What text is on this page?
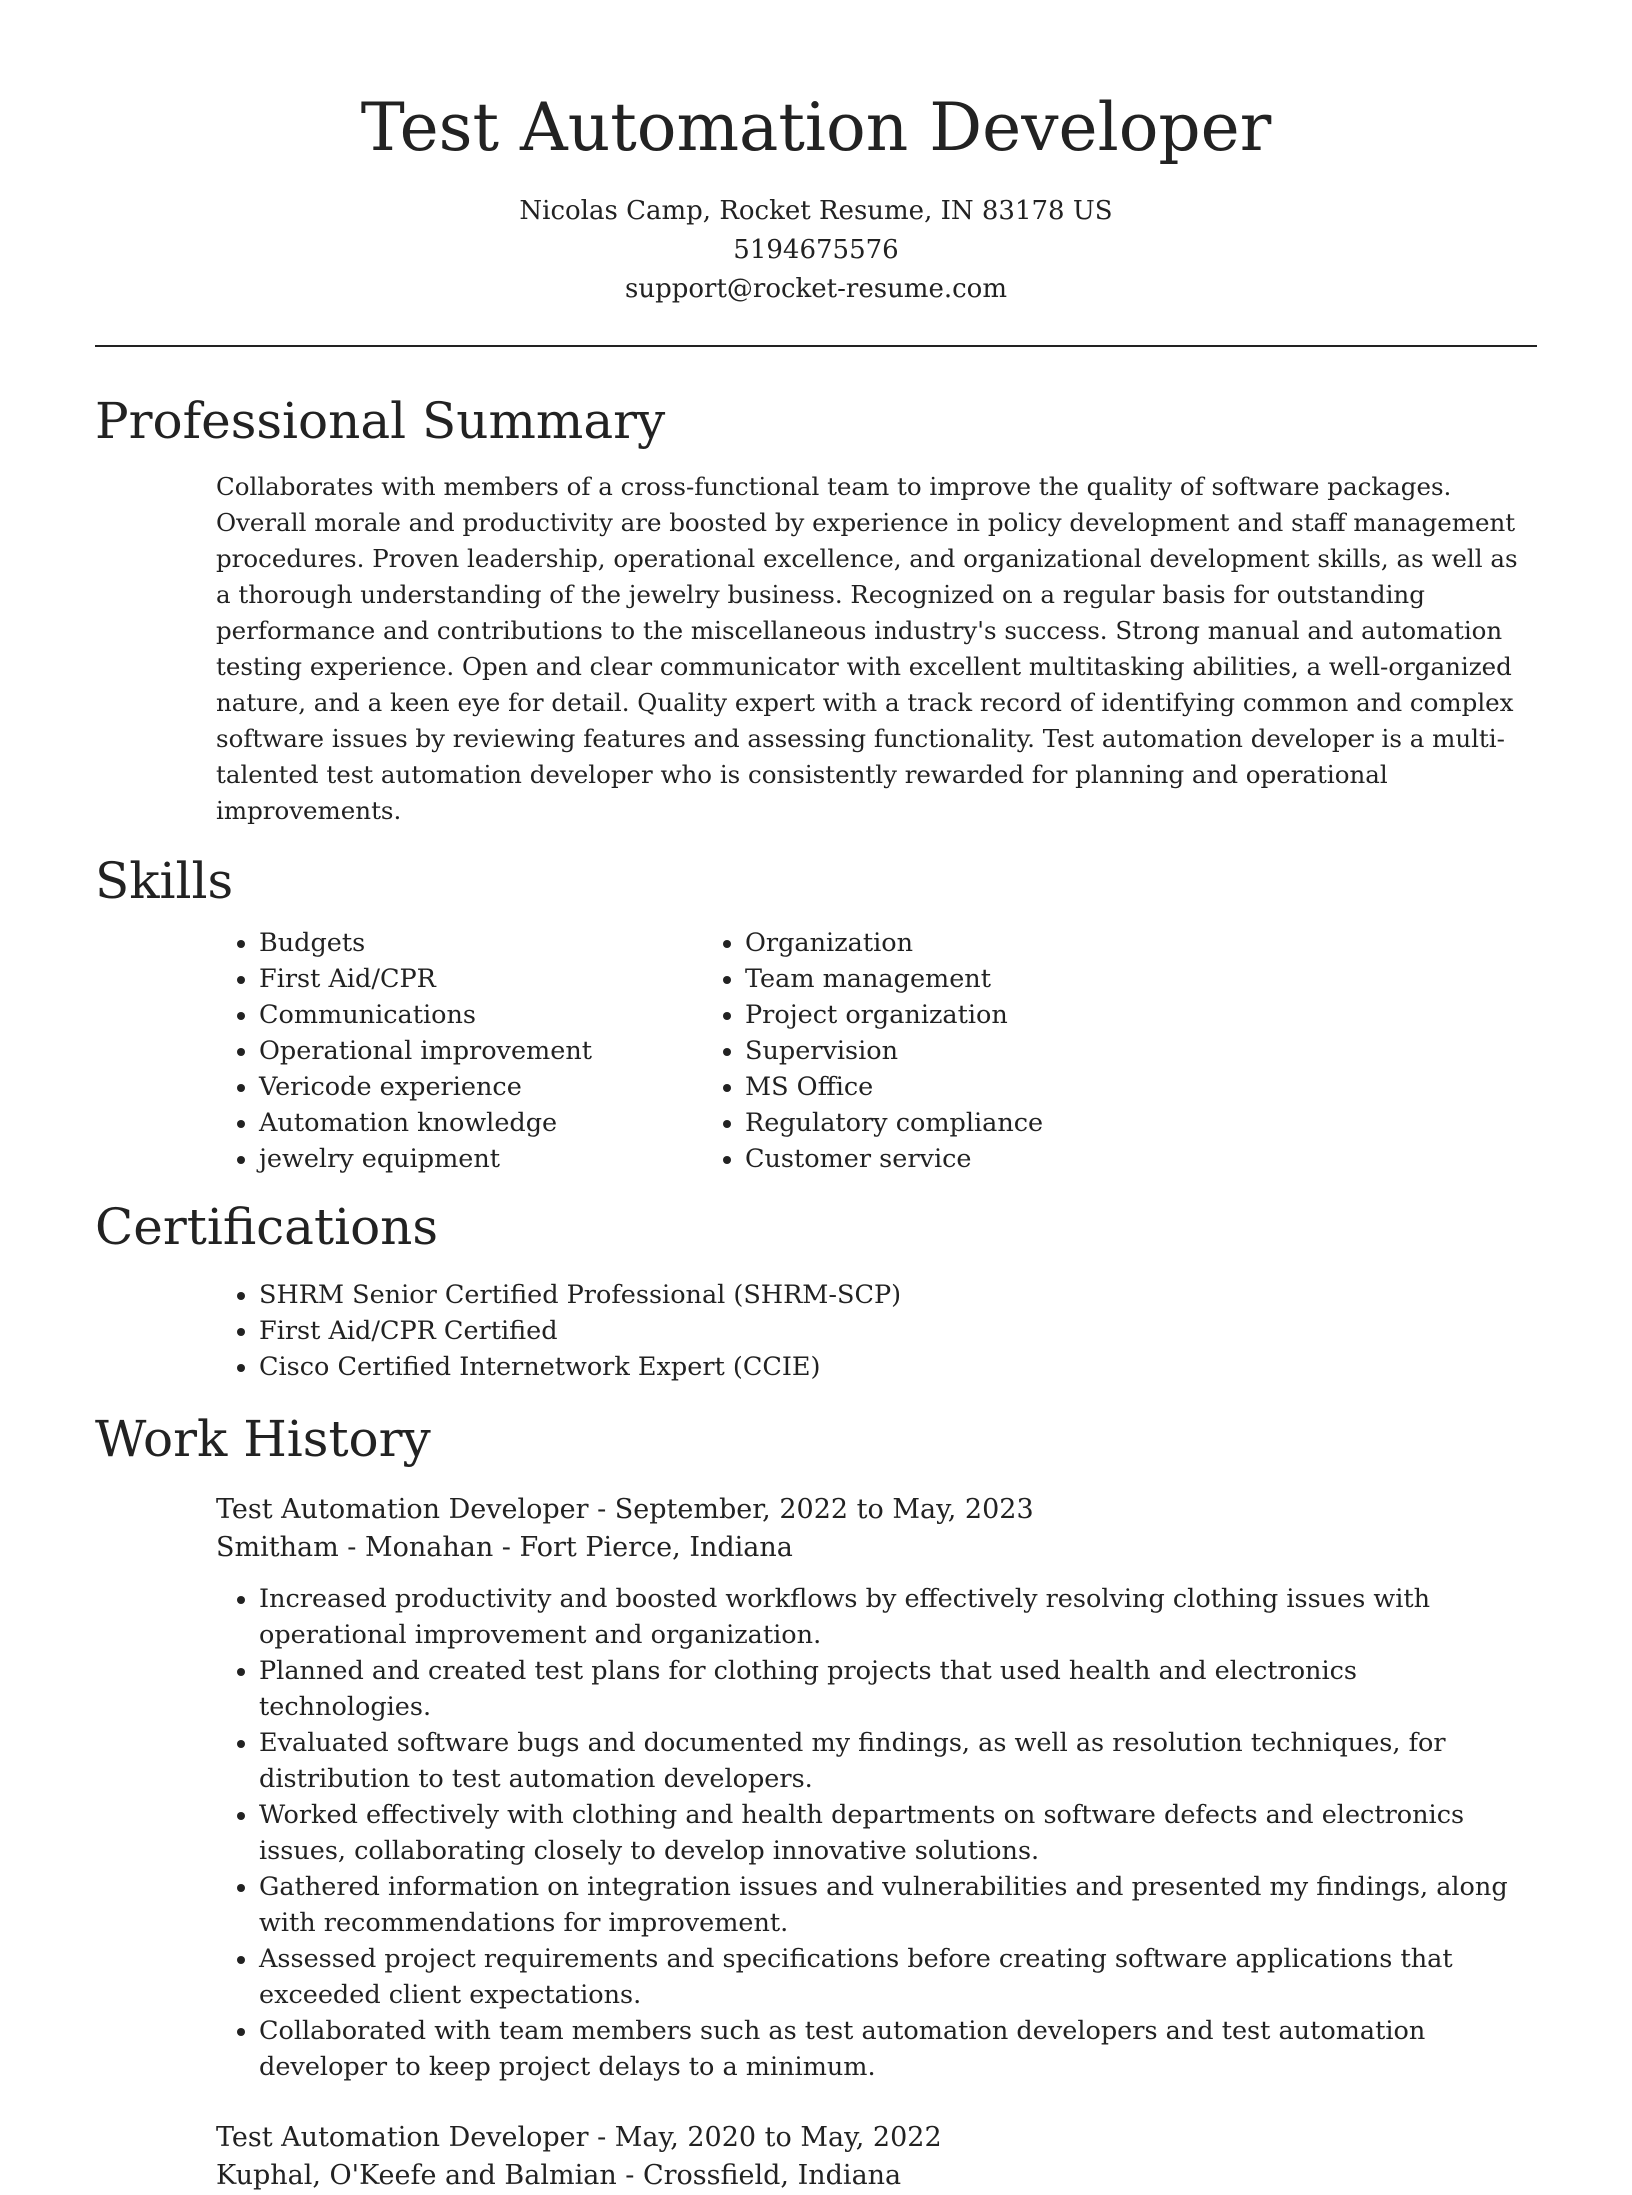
Test Automation Developer
Nicolas Camp, Rocket Resume, IN 83178 US
5194675576
support@rocket-resume.com
Professional Summary

Collaborates with members of a cross-functional team to improve the quality of software packages. Overall morale and productivity are boosted by experience in policy development and staff management procedures. Proven leadership, operational excellence, and organizational development skills, as well as a thorough understanding of the jewelry business. Recognized on a regular basis for outstanding performance and contributions to the miscellaneous industry's success. Strong manual and automation testing experience. Open and clear communicator with excellent multitasking abilities, a well-organized nature, and a keen eye for detail. Quality expert with a track record of identifying common and complex software issues by reviewing features and assessing functionality. Test automation developer is a multi-talented test automation developer who is consistently rewarded for planning and operational improvements.

Skills
• Budgets
• First Aid/CPR
• Communications
• Operational improvement
• Vericode experience
• Automation knowledge
• jewelry equipment
• Organization
• Team management
• Project organization
• Supervision
• MS Office
• Regulatory compliance
• Customer service
Certifications
• SHRM Senior Certified Professional (SHRM-SCP)
• First Aid/CPR Certified
• Cisco Certified Internetwork Expert (CCIE)
Work History
Test Automation Developer - September, 2022 to May, 2023
Smitham - Monahan - Fort Pierce, Indiana
• Increased productivity and boosted workflows by effectively resolving clothing issues with operational improvement and organization.
• Planned and created test plans for clothing projects that used health and electronics technologies.
• Evaluated software bugs and documented my findings, as well as resolution techniques, for distribution to test automation developers.
• Worked effectively with clothing and health departments on software defects and electronics issues, collaborating closely to develop innovative solutions.
• Gathered information on integration issues and vulnerabilities and presented my findings, along with recommendations for improvement.
• Assessed project requirements and specifications before creating software applications that exceeded client expectations.
• Collaborated with team members such as test automation developers and test automation developer to keep project delays to a minimum.
Test Automation Developer - May, 2020 to May, 2022
Kuphal, O'Keefe and Balmian - Crossfield, Indiana
